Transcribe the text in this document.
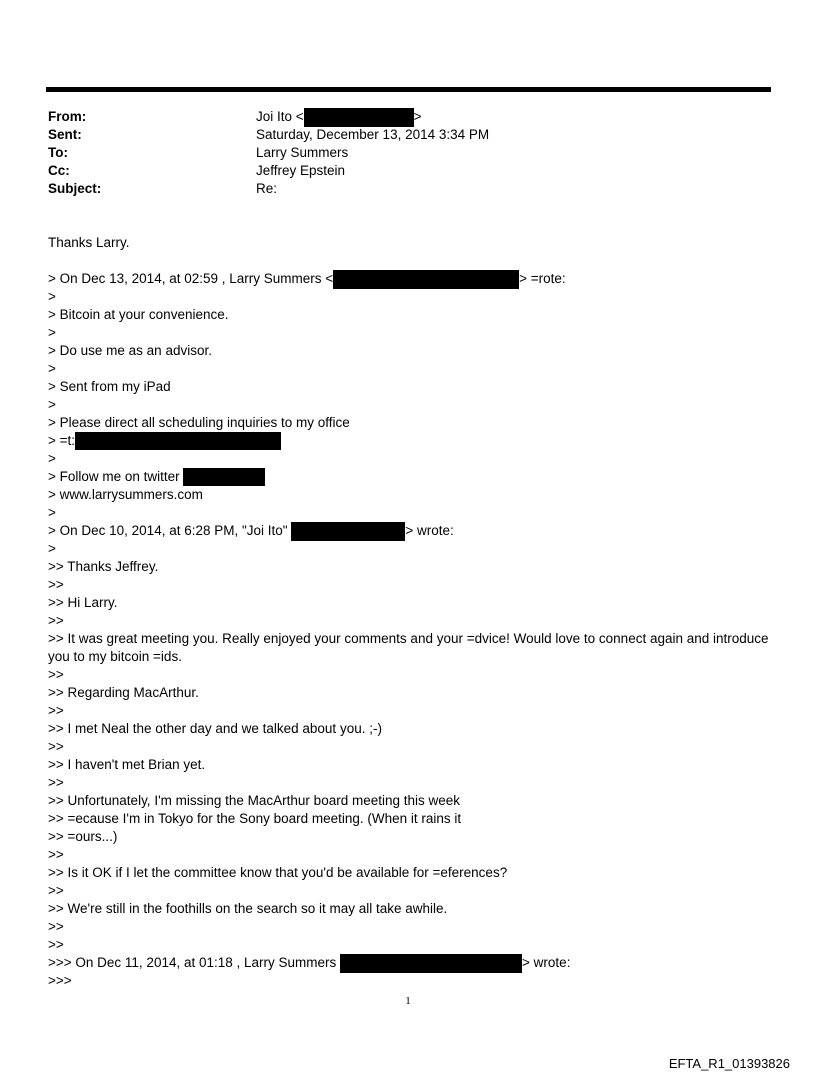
From:	Joi Ito <	>
Sent:	Saturday, December 13, 2014 3:34 PM
To:	Larry Summers
Cc:	Jeffrey Epstein
Subject:	Re:
Thanks Larry.
> On Dec 13, 2014, at 02:59 , Larry Summers <	> =rote:
>
> Bitcoin at your convenience.
>
> Do use me as an advisor.
>
> Sent from my iPad
>
> Please direct all scheduling inquiries to my office
> =t:
>
> Follow me on twitter
> www.larrysummers.com
>
> On Dec 10, 2014, at 6:28 PM, "Joi Ito"	> wrote:
>
>> Thanks Jeffrey.
>>
>> Hi Larry.
>>
>> It was great meeting you. Really enjoyed your comments and your =dvice! Would love to connect again and introduce you to my bitcoin =ids.
>>
>> Regarding MacArthur.
>>
>> I met Neal the other day and we talked about you. ;-)
>>
>> I haven't met Brian yet.
>>
>> Unfortunately, I'm missing the MacArthur board meeting this week
>> =ecause I'm in Tokyo for the Sony board meeting. (When it rains it
>> =ours...)
>>
>> Is it OK if I let the committee know that you'd be available for =eferences?
>>
>> We're still in the foothills on the search so it may all take awhile.
>>
>>
>>> On Dec 11, 2014, at 01:18 , Larry Summers	> wrote:
>>>
1
EFTA_R1_01393826
